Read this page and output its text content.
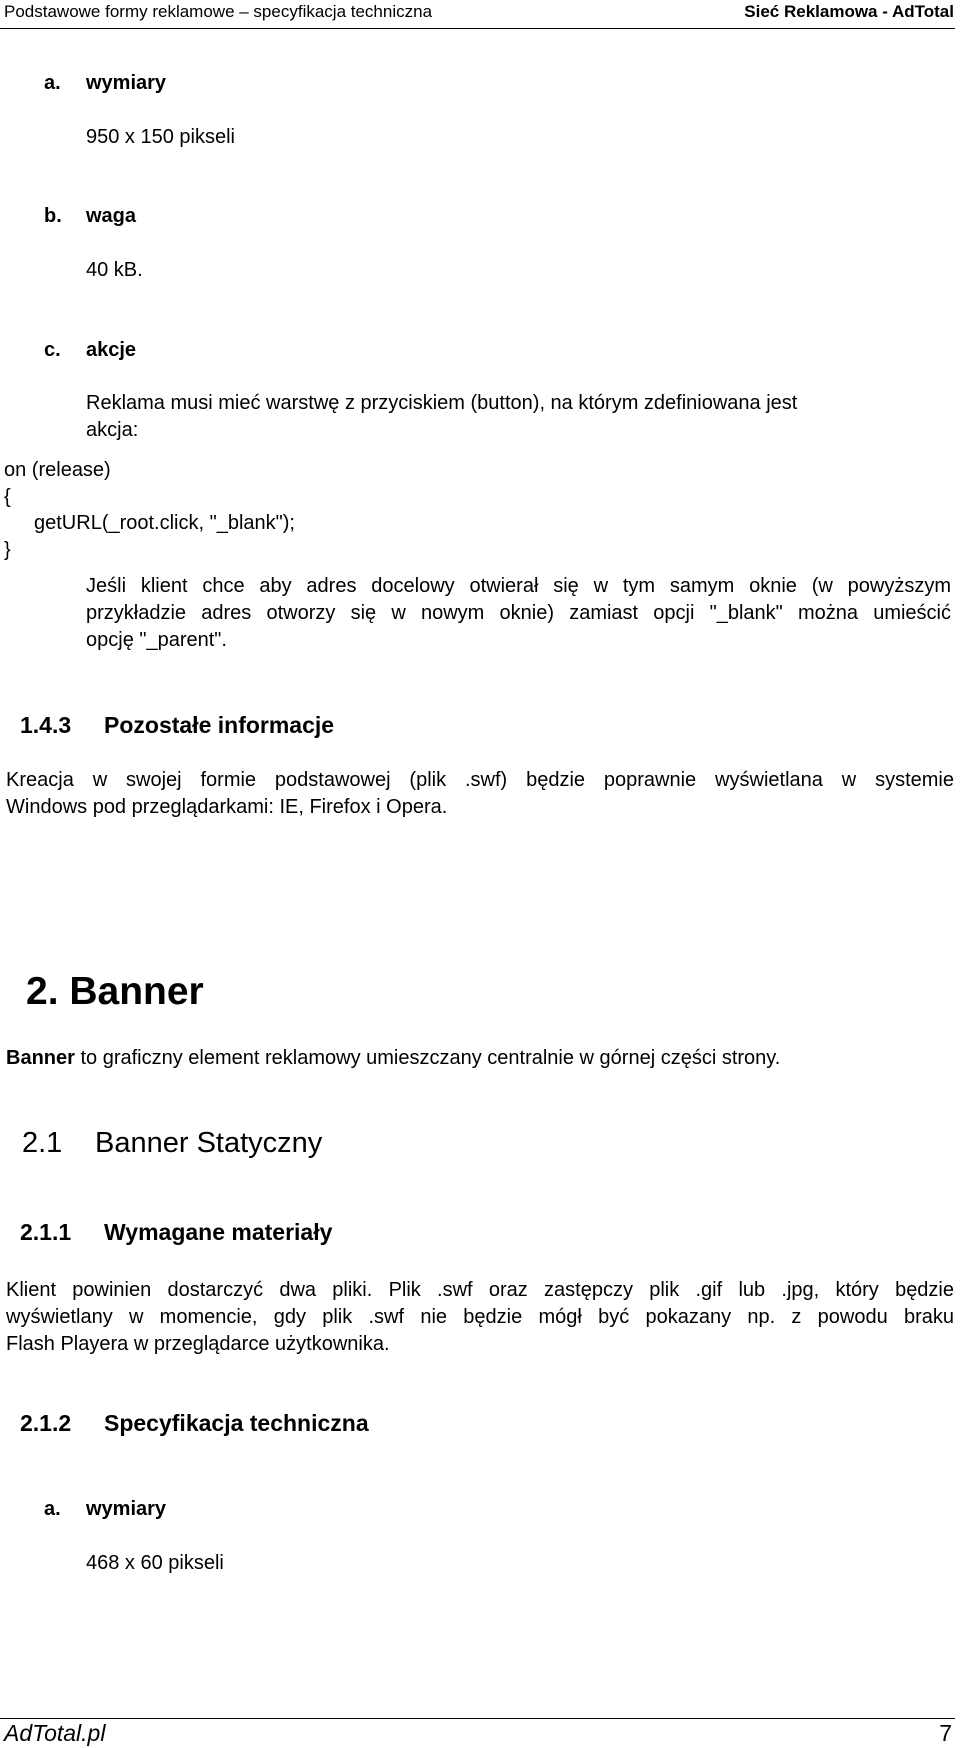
Podstawowe formy reklamowe – specyfikacja techniczna	Sieć Reklamowa - AdTotal
a. wymiary
950 x 150 pikseli
b. waga
40 kB.
c. akcje
Reklama musi mieć warstwę z przyciskiem (button), na którym zdefiniowana jest
akcja:
on (release)
{
getURL(_root.click, "_blank");
}
Jeśli klient chce aby adres docelowy otwierał się w tym samym oknie (w powyższym
przykładzie adres otworzy się w nowym oknie) zamiast opcji "_blank" można umieścić
opcję "_parent".
1.4.3 Pozostałe informacje
Kreacja w swojej formie podstawowej (plik .swf) będzie poprawnie wyświetlana w systemie
Windows pod przeglądarkami: IE, Firefox i Opera.
2. Banner
Banner to graficzny element reklamowy umieszczany centralnie w górnej części strony.
2.1 Banner Statyczny
2.1.1 Wymagane materiały
Klient powinien dostarczyć dwa pliki. Plik .swf oraz zastępczy plik .gif lub .jpg, który będzie
wyświetlany w momencie, gdy plik .swf nie będzie mógł być pokazany np. z powodu braku
Flash Playera w przeglądarce użytkownika.
2.1.2 Specyfikacja techniczna
a. wymiary
468 x 60 pikseli
AdTotal.pl	7
